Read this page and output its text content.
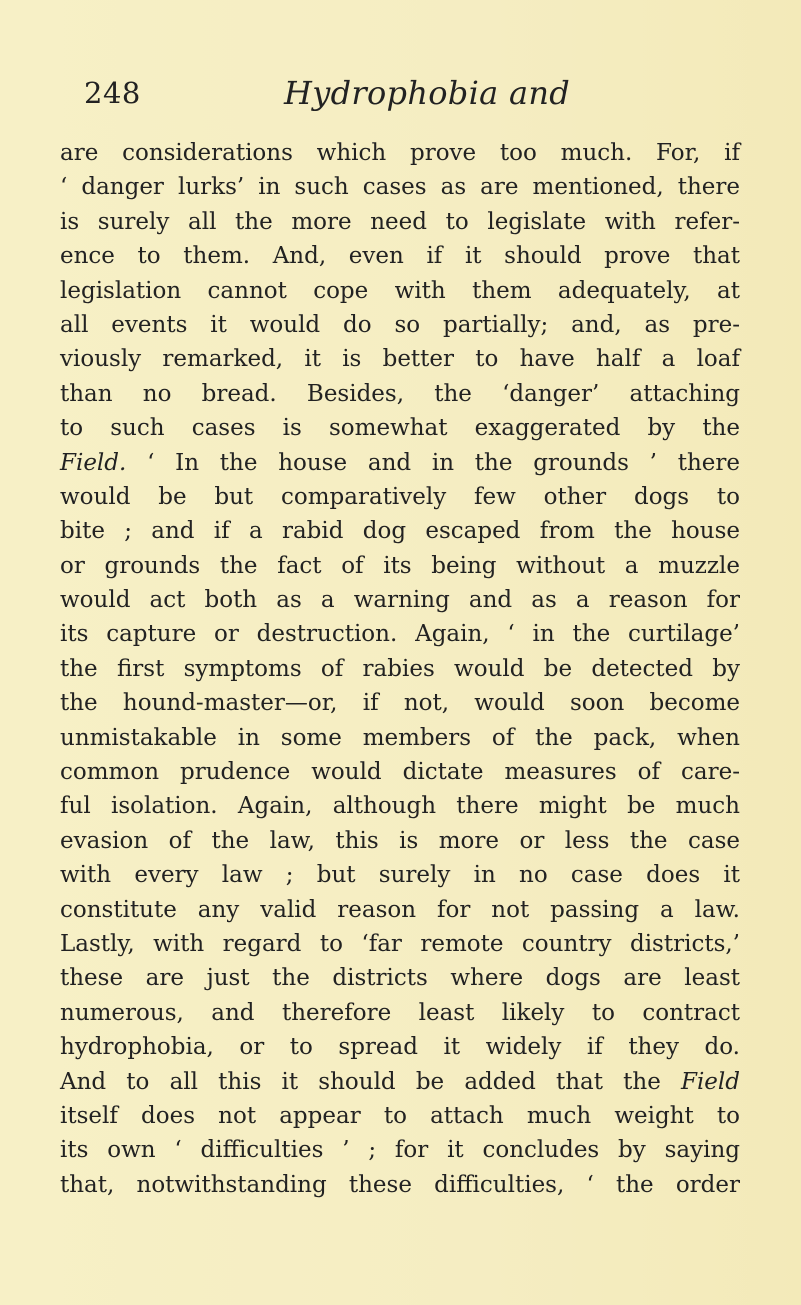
248	Hydrophobia and
are considerations which prove too much. For, if
‘ danger lurks’ in such cases as are mentioned, there
is surely all the more need to legislate with refer-
ence to them. And, even if it should prove that
legislation cannot cope with them adequately, at
all events it would do so partially; and, as pre-
viously remarked, it is better to have half a loaf
than no bread. Besides, the ‘danger’ attaching
to such cases is somewhat exaggerated by the
Field. ‘ In the house and in the grounds ’ there
would be but comparatively few other dogs to
bite ; and if a rabid dog escaped from the house
or grounds the fact of its being without a muzzle
would act both as a warning and as a reason for
its capture or destruction. Again, ‘ in the curtilage’
the first symptoms of rabies would be detected by
the hound-master—or, if not, would soon become
unmistakable in some members of the pack, when
common prudence would dictate measures of care-
ful isolation. Again, although there might be much
evasion of the law, this is more or less the case
with every law ; but surely in no case does it
constitute any valid reason for not passing a law.
Lastly, with regard to ‘far remote country districts,’
these are just the districts where dogs are least
numerous, and therefore least likely to contract
hydrophobia, or to spread it widely if they do.
And to all this it should be added that the Field
itself does not appear to attach much weight to
its own ‘ difficulties ’ ; for it concludes by saying
that, notwithstanding these difficulties, ‘ the order
